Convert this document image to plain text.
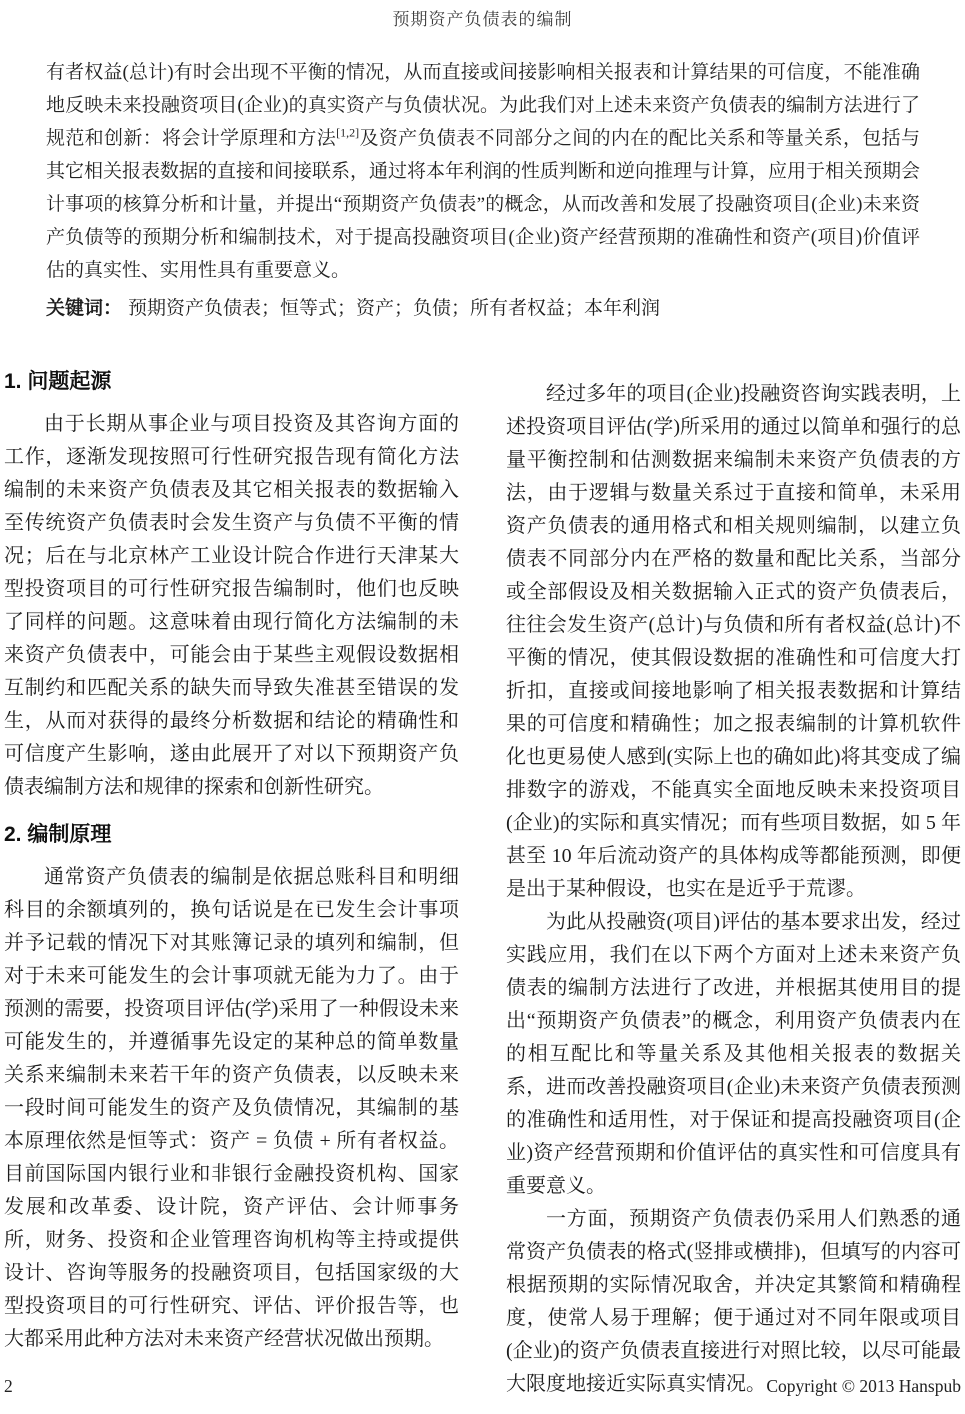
预期资产负债表的编制
有者权益(总计)有时会出现不平衡的情况，从而直接或间接影响相关报表和计算结果的可信度，不能准确地反映未来投融资项目(企业)的真实资产与负债状况。为此我们对上述未来资产负债表的编制方法进行了规范和创新：将会计学原理和方法[1,2]及资产负债表不同部分之间的内在的配比关系和等量关系，包括与其它相关报表数据的直接和间接联系，通过将本年利润的性质判断和逆向推理与计算，应用于相关预期会计事项的核算分析和计量，并提出“预期资产负债表”的概念，从而改善和发展了投融资项目(企业)未来资产负债等的预期分析和编制技术，对于提高投融资项目(企业)资产经营预期的准确性和资产(项目)价值评估的真实性、实用性具有重要意义。
关键词： 预期资产负债表；恒等式；资产；负债；所有者权益；本年利润
1. 问题起源

由于长期从事企业与项目投资及其咨询方面的工作，逐渐发现按照可行性研究报告现有简化方法编制的未来资产负债表及其它相关报表的数据输入至传统资产负债表时会发生资产与负债不平衡的情况；后在与北京林产工业设计院合作进行天津某大型投资项目的可行性研究报告编制时，他们也反映了同样的问题。这意味着由现行简化方法编制的未来资产负债表中，可能会由于某些主观假设数据相互制约和匹配关系的缺失而导致失准甚至错误的发生，从而对获得的最终分析数据和结论的精确性和可信度产生影响，遂由此展开了对以下预期资产负债表编制方法和规律的探索和创新性研究。

2. 编制原理

通常资产负债表的编制是依据总账科目和明细科目的余额填列的，换句话说是在已发生会计事项并予记载的情况下对其账簿记录的填列和编制，但对于未来可能发生的会计事项就无能为力了。由于预测的需要，投资项目评估(学)采用了一种假设未来可能发生的，并遵循事先设定的某种总的简单数量关系来编制未来若干年的资产负债表，以反映未来一段时间可能发生的资产及负债情况，其编制的基本原理依然是恒等式：资产 = 负债 + 所有者权益。目前国际国内银行业和非银行金融投资机构、国家发展和改革委、设计院，资产评估、会计师事务所，财务、投资和企业管理咨询机构等主持或提供设计、咨询等服务的投融资项目，包括国家级的大型投资项目的可行性研究、评估、评价报告等，也大都采用此种方法对未来资产经营状况做出预期。

经过多年的项目(企业)投融资咨询实践表明，上述投资项目评估(学)所采用的通过以简单和强行的总量平衡控制和估测数据来编制未来资产负债表的方法，由于逻辑与数量关系过于直接和简单，未采用资产负债表的通用格式和相关规则编制，以建立负债表不同部分内在严格的数量和配比关系，当部分或全部假设及相关数据输入正式的资产负债表后，往往会发生资产(总计)与负债和所有者权益(总计)不平衡的情况，使其假设数据的准确性和可信度大打折扣，直接或间接地影响了相关报表数据和计算结果的可信度和精确性；加之报表编制的计算机软件化也更易使人感到(实际上也的确如此)将其变成了编排数字的游戏，不能真实全面地反映未来投资项目(企业)的实际和真实情况；而有些项目数据，如 5 年甚至 10 年后流动资产的具体构成等都能预测，即便是出于某种假设，也实在是近乎于荒谬。

为此从投融资(项目)评估的基本要求出发，经过实践应用，我们在以下两个方面对上述未来资产负债表的编制方法进行了改进，并根据其使用目的提出“预期资产负债表”的概念，利用资产负债表内在的相互配比和等量关系及其他相关报表的数据关系，进而改善投融资项目(企业)未来资产负债表预测的准确性和适用性，对于保证和提高投融资项目(企业)资产经营预期和价值评估的真实性和可信度具有重要意义。

一方面，预期资产负债表仍采用人们熟悉的通常资产负债表的格式(竖排或横排)，但填写的内容可根据预期的实际情况取舍，并决定其繁简和精确程度，使常人易于理解；便于通过对不同年限或项目(企业)的资产负债表直接进行对照比较，以尽可能最大限度地接近实际真实情况。

2	Copyright © 2013 Hanspub
